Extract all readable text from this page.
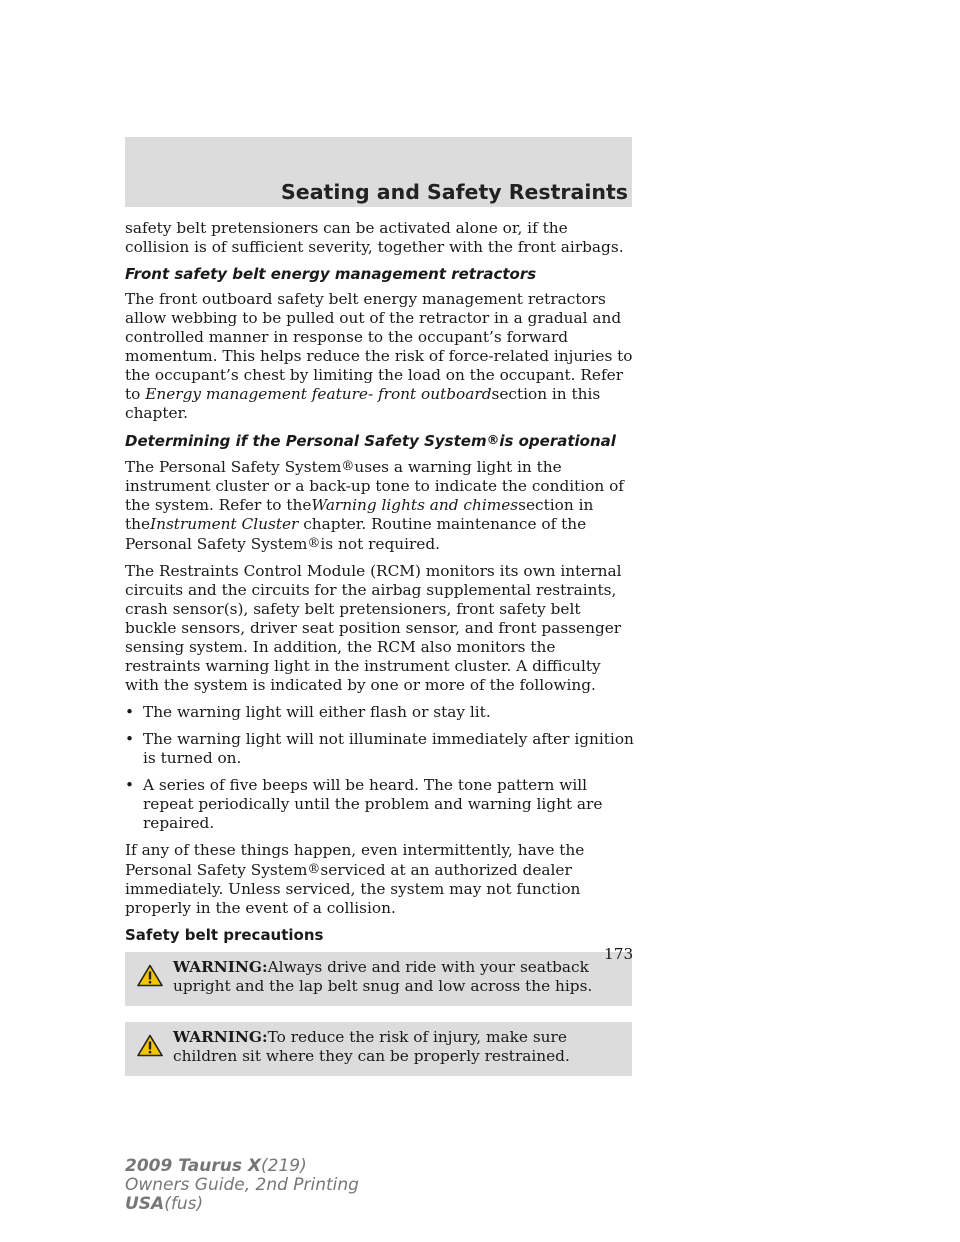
Seating and Safety Restraints

safety belt pretensioners can be activated alone or, if the collision is of sufficient severity, together with the front airbags.

Front safety belt energy management retractors

The front outboard safety belt energy management retractors allow webbing to be pulled out of the retractor in a gradual and controlled manner in response to the occupant’s forward momentum. This helps reduce the risk of force-related injuries to the occupant’s chest by limiting the load on the occupant. Refer to Energy management feature- front outboardsection in this chapter.

Determining if the Personal Safety System®is operational

The Personal Safety System®uses a warning light in the instrument cluster or a back-up tone to indicate the condition of the system. Refer to theWarning lights and chimessection in theInstrument Cluster chapter. Routine maintenance of the Personal Safety System®is not required.

The Restraints Control Module (RCM) monitors its own internal circuits and the circuits for the airbag supplemental restraints, crash sensor(s), safety belt pretensioners, front safety belt buckle sensors, driver seat position sensor, and front passenger sensing system. In addition, the RCM also monitors the restraints warning light in the instrument cluster. A difficulty with the system is indicated by one or more of the following.

• The warning light will either flash or stay lit.
• The warning light will not illuminate immediately after ignition is turned on.
• A series of five beeps will be heard. The tone pattern will repeat periodically until the problem and warning light are repaired.

If any of these things happen, even intermittently, have the Personal Safety System®serviced at an authorized dealer immediately. Unless serviced, the system may not function properly in the event of a collision.

Safety belt precautions
WARNING:Always drive and ride with your seatback upright and the lap belt snug and low across the hips.
WARNING:To reduce the risk of injury, make sure children sit where they can be properly restrained.
173
2009 Taurus X(219)
Owners Guide, 2nd Printing
USA(fus)
